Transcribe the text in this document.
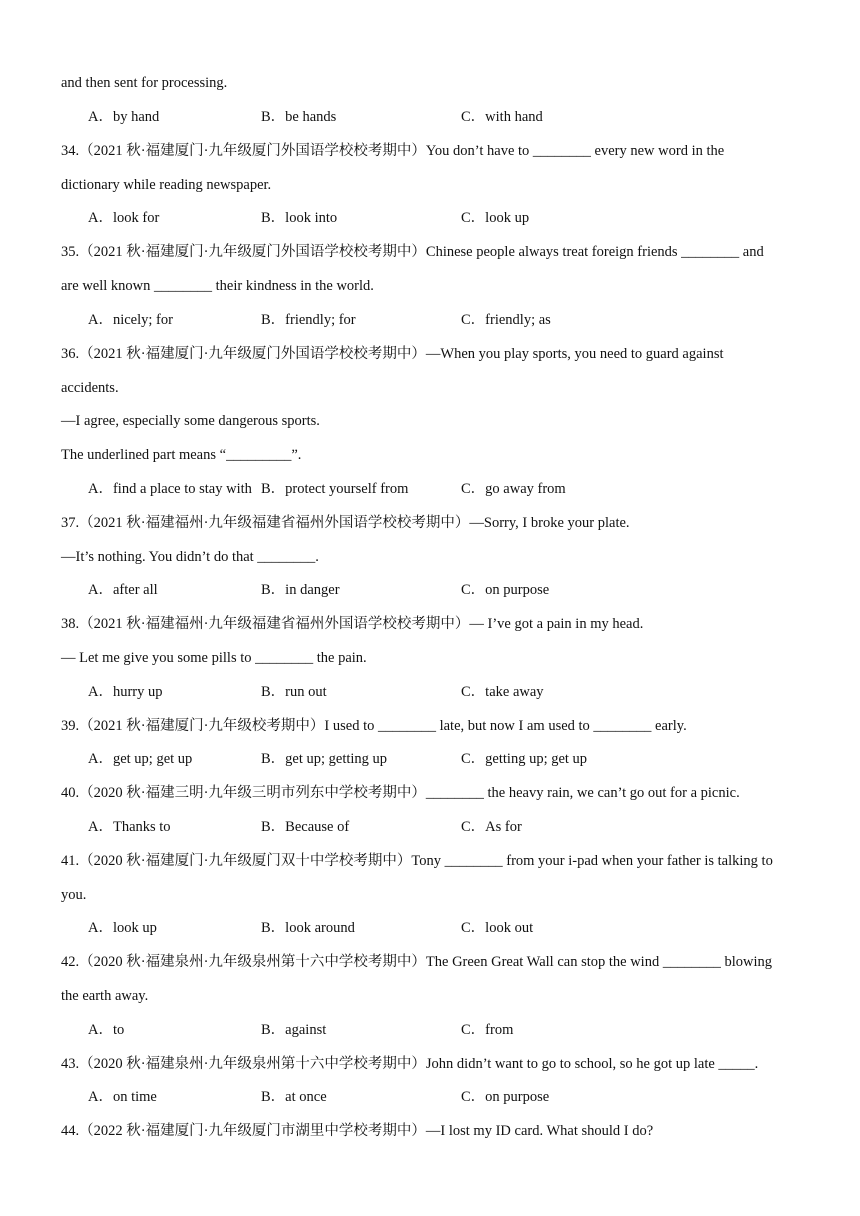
and then sent for processing.
A．by hand	B．be hands	C．with hand
34.（2021 秋·福建厦门·九年级厦门外国语学校校考期中）You don’t have to ________ every new word in the
dictionary while reading newspaper.
A．look for	B．look into	C．look up
35.（2021 秋·福建厦门·九年级厦门外国语学校校考期中）Chinese people always treat foreign friends ________ and
are well known ________ their kindness in the world.
A．nicely; for	B．friendly; for	C．friendly; as
36.（2021 秋·福建厦门·九年级厦门外国语学校校考期中）—When you play sports, you need to guard against
accidents.
—I agree, especially some dangerous sports.
The underlined part means “_________”.
A．find a place to stay with B．protect yourself from	C．go away from
37.（2021 秋·福建福州·九年级福建省福州外国语学校校考期中）—Sorry, I broke your plate.
—It’s nothing. You didn’t do that ________.
A．after all	B．in danger	C．on purpose
38.（2021 秋·福建福州·九年级福建省福州外国语学校校考期中）— I’ve got a pain in my head.
— Let me give you some pills to ________ the pain.
A．hurry up	B．run out	C．take away
39.（2021 秋·福建厦门·九年级校考期中）I used to ________ late, but now I am used to ________ early.
A．get up; get up	B．get up; getting up	C．getting up; get up
40.（2020 秋·福建三明·九年级三明市列东中学校考期中）________ the heavy rain, we can’t go out for a picnic.
A．Thanks to	B．Because of	C．As for
41.（2020 秋·福建厦门·九年级厦门双十中学校考期中）Tony ________ from your i-pad when your father is talking to
you.
A．look up	B．look around	C．look out
42.（2020 秋·福建泉州·九年级泉州第十六中学校考期中）The Green Great Wall can stop the wind ________ blowing
the earth away.
A．to	B．against	C．from
43.（2020 秋·福建泉州·九年级泉州第十六中学校考期中）John didn’t want to go to school, so he got up late _____.
A．on time	B．at once	C．on purpose
44.（2022 秋·福建厦门·九年级厦门市湖里中学校考期中）—I lost my ID card. What should I do?
